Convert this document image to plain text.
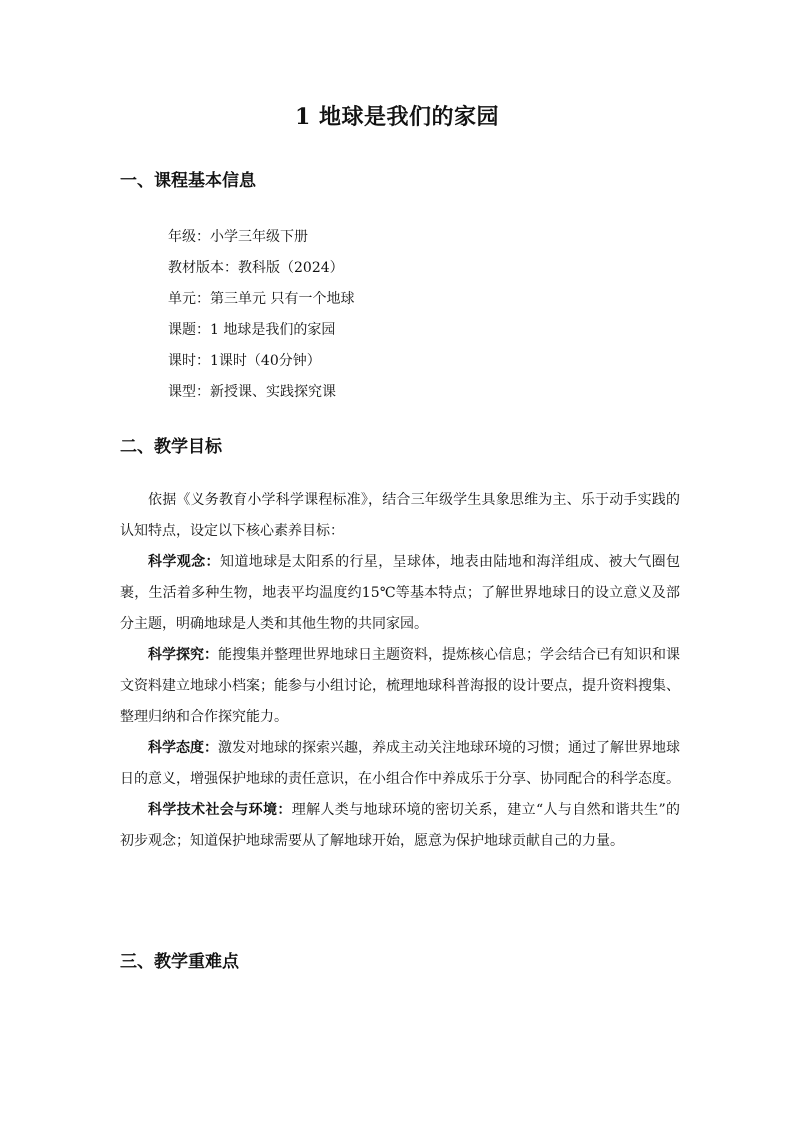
1 地球是我们的家园
一、课程基本信息
年级：小学三年级下册
教材版本：教科版（2024）
单元：第三单元 只有一个地球
课题：1 地球是我们的家园
课时：1课时（40分钟）
课型：新授课、实践探究课
二、教学目标

依据《义务教育小学科学课程标准》，结合三年级学生具象思维为主、乐于动手实践的认知特点，设定以下核心素养目标：

科学观念：知道地球是太阳系的行星，呈球体，地表由陆地和海洋组成、被大气圈包裹，生活着多种生物，地表平均温度约15℃等基本特点；了解世界地球日的设立意义及部分主题，明确地球是人类和其他生物的共同家园。

科学探究：能搜集并整理世界地球日主题资料，提炼核心信息；学会结合已有知识和课文资料建立地球小档案；能参与小组讨论，梳理地球科普海报的设计要点，提升资料搜集、整理归纳和合作探究能力。

科学态度：激发对地球的探索兴趣，养成主动关注地球环境的习惯；通过了解世界地球日的意义，增强保护地球的责任意识，在小组合作中养成乐于分享、协同配合的科学态度。

科学技术社会与环境：理解人类与地球环境的密切关系，建立“人与自然和谐共生”的初步观念；知道保护地球需要从了解地球开始，愿意为保护地球贡献自己的力量。

三、教学重难点
